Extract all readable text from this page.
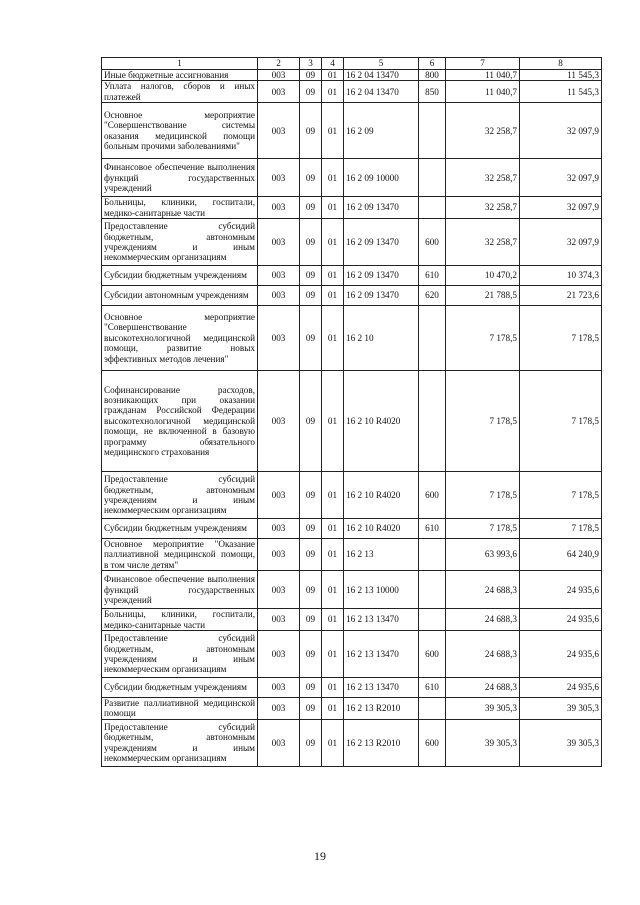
1	2	3	4	5	6	7	8
Иные бюджетные ассигнования	003	09	01	16 2 04 13470	800	11 040,7	11 545,3
Уплата налогов, сборов и иных платежей	003	09	01	16 2 04 13470	850	11 040,7	11 545,3
Основное мероприятие "Совершенствование системы оказания медицинской помощи больным прочими заболеваниями"	003	09	01	16 2 09		32 258,7	32 097,9
Финансовое обеспечение выполнения функций государственных учреждений	003	09	01	16 2 09 10000		32 258,7	32 097,9
Больницы, клиники, госпитали, медико-санитарные части	003	09	01	16 2 09 13470		32 258,7	32 097,9
Предоставление субсидий бюджетным, автономным учреждениям и иным некоммерческим организациям	003	09	01	16 2 09 13470	600	32 258,7	32 097,9
Субсидии бюджетным учреждениям	003	09	01	16 2 09 13470	610	10 470,2	10 374,3
Субсидии автономным учреждениям	003	09	01	16 2 09 13470	620	21 788,5	21 723,6
Основное мероприятие "Совершенствование высокотехнологичной медицинской помощи, развитие новых эффективных методов лечения"	003	09	01	16 2 10		7 178,5	7 178,5
Софинансирование расходов, возникающих при оказании гражданам Российской Федерации высокотехнологичной медицинской помощи, не включенной в базовую программу обязательного медицинского страхования	003	09	01	16 2 10 R4020		7 178,5	7 178,5
Предоставление субсидий бюджетным, автономным учреждениям и иным некоммерческим организациям	003	09	01	16 2 10 R4020	600	7 178,5	7 178,5
Субсидии бюджетным учреждениям	003	09	01	16 2 10 R4020	610	7 178,5	7 178,5
Основное мероприятие "Оказание паллиативной медицинской помощи, в том числе детям"	003	09	01	16 2 13		63 993,6	64 240,9
Финансовое обеспечение выполнения функций государственных учреждений	003	09	01	16 2 13 10000		24 688,3	24 935,6
Больницы, клиники, госпитали, медико-санитарные части	003	09	01	16 2 13 13470		24 688,3	24 935,6
Предоставление субсидий бюджетным, автономным учреждениям и иным некоммерческим организациям	003	09	01	16 2 13 13470	600	24 688,3	24 935,6
Субсидии бюджетным учреждениям	003	09	01	16 2 13 13470	610	24 688,3	24 935,6
Развитие паллиативной медицинской помощи	003	09	01	16 2 13 R2010		39 305,3	39 305,3
Предоставление субсидий бюджетным, автономным учреждениям и иным некоммерческим организациям	003	09	01	16 2 13 R2010	600	39 305,3	39 305,3
19
